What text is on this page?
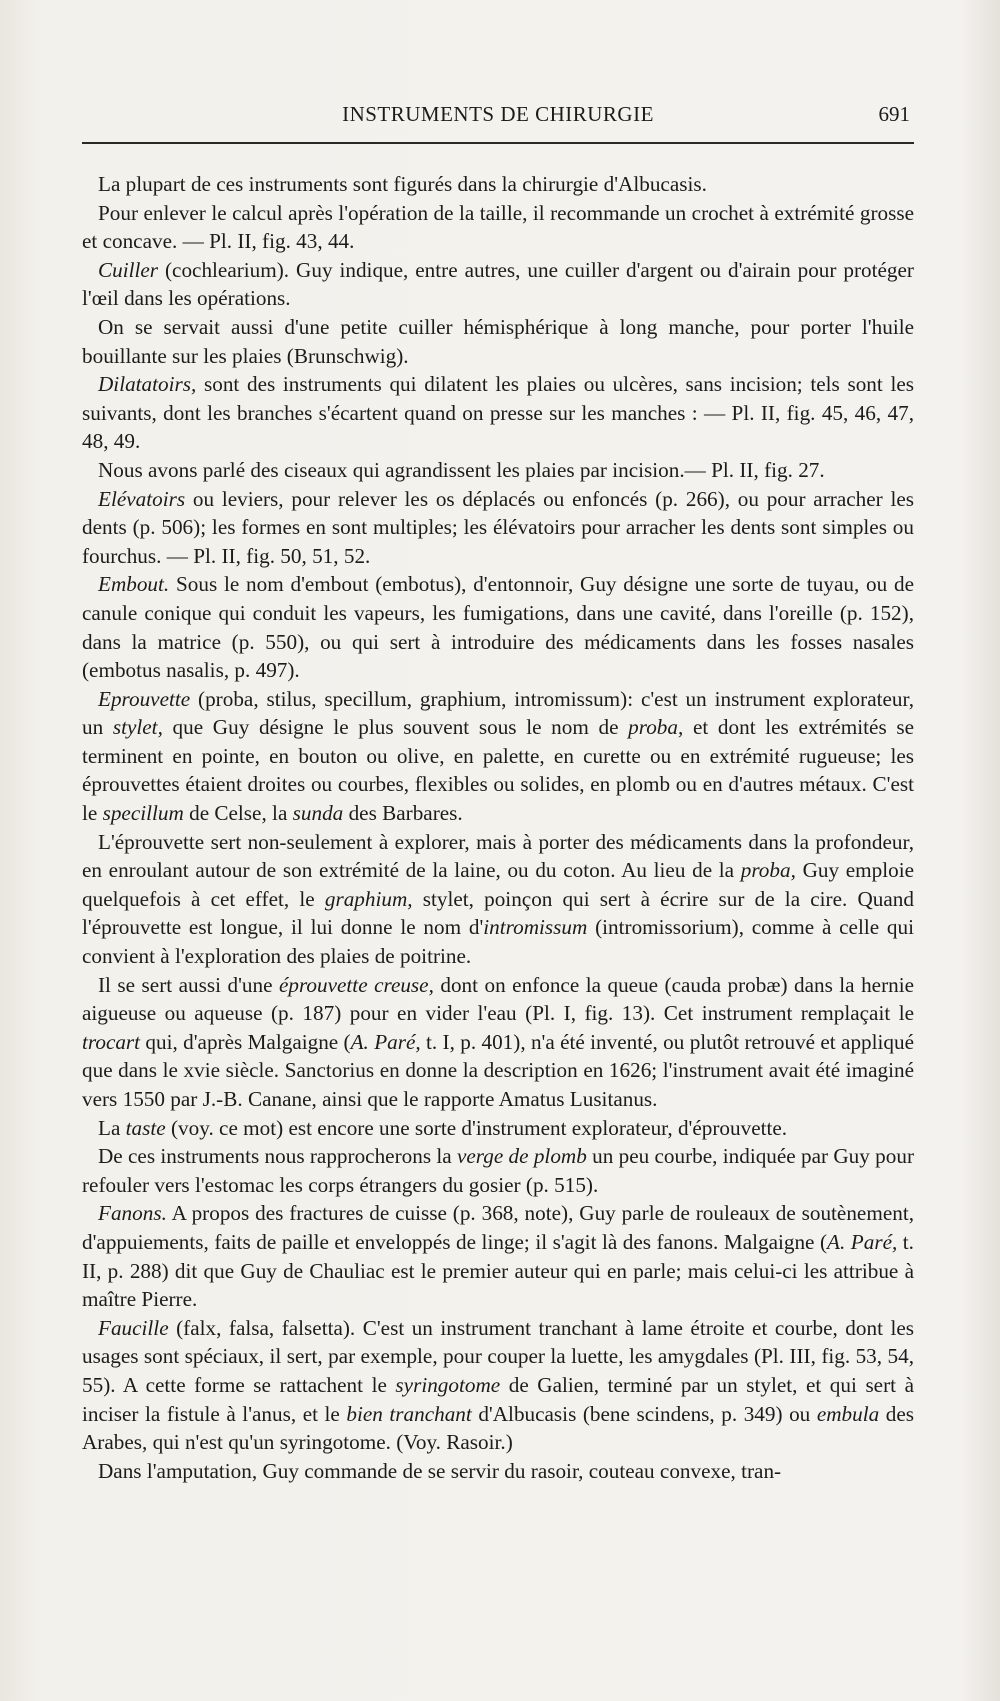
INSTRUMENTS DE CHIRURGIE	691

La plupart de ces instruments sont figurés dans la chirurgie d'Albucasis.

Pour enlever le calcul après l'opération de la taille, il recommande un crochet à extrémité grosse et concave. — Pl. II, fig. 43, 44.

Cuiller (cochlearium). Guy indique, entre autres, une cuiller d'argent ou d'airain pour protéger l'œil dans les opérations.

On se servait aussi d'une petite cuiller hémisphérique à long manche, pour porter l'huile bouillante sur les plaies (Brunschwig).

Dilatatoirs, sont des instruments qui dilatent les plaies ou ulcères, sans incision; tels sont les suivants, dont les branches s'écartent quand on presse sur les manches : — Pl. II, fig. 45, 46, 47, 48, 49.

Nous avons parlé des ciseaux qui agrandissent les plaies par incision.— Pl. II, fig. 27.

Elévatoirs ou leviers, pour relever les os déplacés ou enfoncés (p. 266), ou pour arracher les dents (p. 506); les formes en sont multiples; les élévatoirs pour arracher les dents sont simples ou fourchus. — Pl. II, fig. 50, 51, 52.

Embout. Sous le nom d'embout (embotus), d'entonnoir, Guy désigne une sorte de tuyau, ou de canule conique qui conduit les vapeurs, les fumigations, dans une cavité, dans l'oreille (p. 152), dans la matrice (p. 550), ou qui sert à introduire des médicaments dans les fosses nasales (embotus nasalis, p. 497).

Eprouvette (proba, stilus, specillum, graphium, intromissum): c'est un instrument explorateur, un stylet, que Guy désigne le plus souvent sous le nom de proba, et dont les extrémités se terminent en pointe, en bouton ou olive, en palette, en curette ou en extrémité rugueuse; les éprouvettes étaient droites ou courbes, flexibles ou solides, en plomb ou en d'autres métaux. C'est le specillum de Celse, la sunda des Barbares.

L'éprouvette sert non-seulement à explorer, mais à porter des médicaments dans la profondeur, en enroulant autour de son extrémité de la laine, ou du coton. Au lieu de la proba, Guy emploie quelquefois à cet effet, le graphium, stylet, poinçon qui sert à écrire sur de la cire. Quand l'éprouvette est longue, il lui donne le nom d'intromissum (intromissorium), comme à celle qui convient à l'exploration des plaies de poitrine.

Il se sert aussi d'une éprouvette creuse, dont on enfonce la queue (cauda probæ) dans la hernie aigueuse ou aqueuse (p. 187) pour en vider l'eau (Pl. I, fig. 13). Cet instrument remplaçait le trocart qui, d'après Malgaigne (A. Paré, t. I, p. 401), n'a été inventé, ou plutôt retrouvé et appliqué que dans le xvie siècle. Sanctorius en donne la description en 1626; l'instrument avait été imaginé vers 1550 par J.-B. Canane, ainsi que le rapporte Amatus Lusitanus.

La taste (voy. ce mot) est encore une sorte d'instrument explorateur, d'éprouvette.

De ces instruments nous rapprocherons la verge de plomb un peu courbe, indiquée par Guy pour refouler vers l'estomac les corps étrangers du gosier (p. 515).

Fanons. A propos des fractures de cuisse (p. 368, note), Guy parle de rouleaux de soutènement, d'appuiements, faits de paille et enveloppés de linge; il s'agit là des fanons. Malgaigne (A. Paré, t. II, p. 288) dit que Guy de Chauliac est le premier auteur qui en parle; mais celui-ci les attribue à maître Pierre.

Faucille (falx, falsa, falsetta). C'est un instrument tranchant à lame étroite et courbe, dont les usages sont spéciaux, il sert, par exemple, pour couper la luette, les amygdales (Pl. III, fig. 53, 54, 55). A cette forme se rattachent le syringotome de Galien, terminé par un stylet, et qui sert à inciser la fistule à l'anus, et le bien tranchant d'Albucasis (bene scindens, p. 349) ou embula des Arabes, qui n'est qu'un syringotome. (Voy. Rasoir.)

Dans l'amputation, Guy commande de se servir du rasoir, couteau convexe, tran-
